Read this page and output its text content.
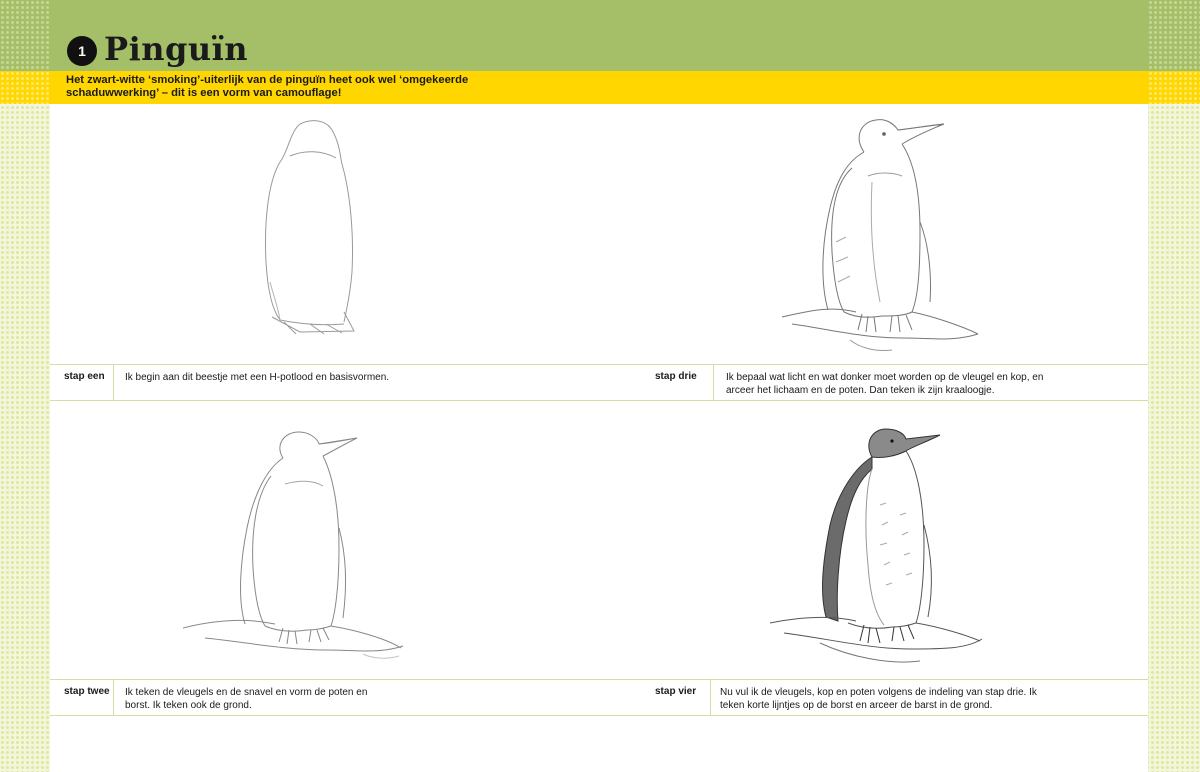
1 Pinguïn
Het zwart-witte ‘smoking’-uiterlijk van de pinguïn heet ook wel ‘omgekeerde schaduwwerking’ – dit is een vorm van camouflage!
stap een Ik begin aan dit beestje met een H-potlood en basisvormen.	stap drie	Ik bepaal wat licht en wat donker moet worden op de vleugel en kop, en arceer het lichaam en de poten. Dan teken ik zijn kraaloogje.
stap twee Ik teken de vleugels en de snavel en vorm de poten en borst. Ik teken ook de grond.
stap vier Nu vul ik de vleugels, kop en poten volgens de indeling van stap drie. Ik teken korte lijntjes op de borst en arceer de barst in de grond.
